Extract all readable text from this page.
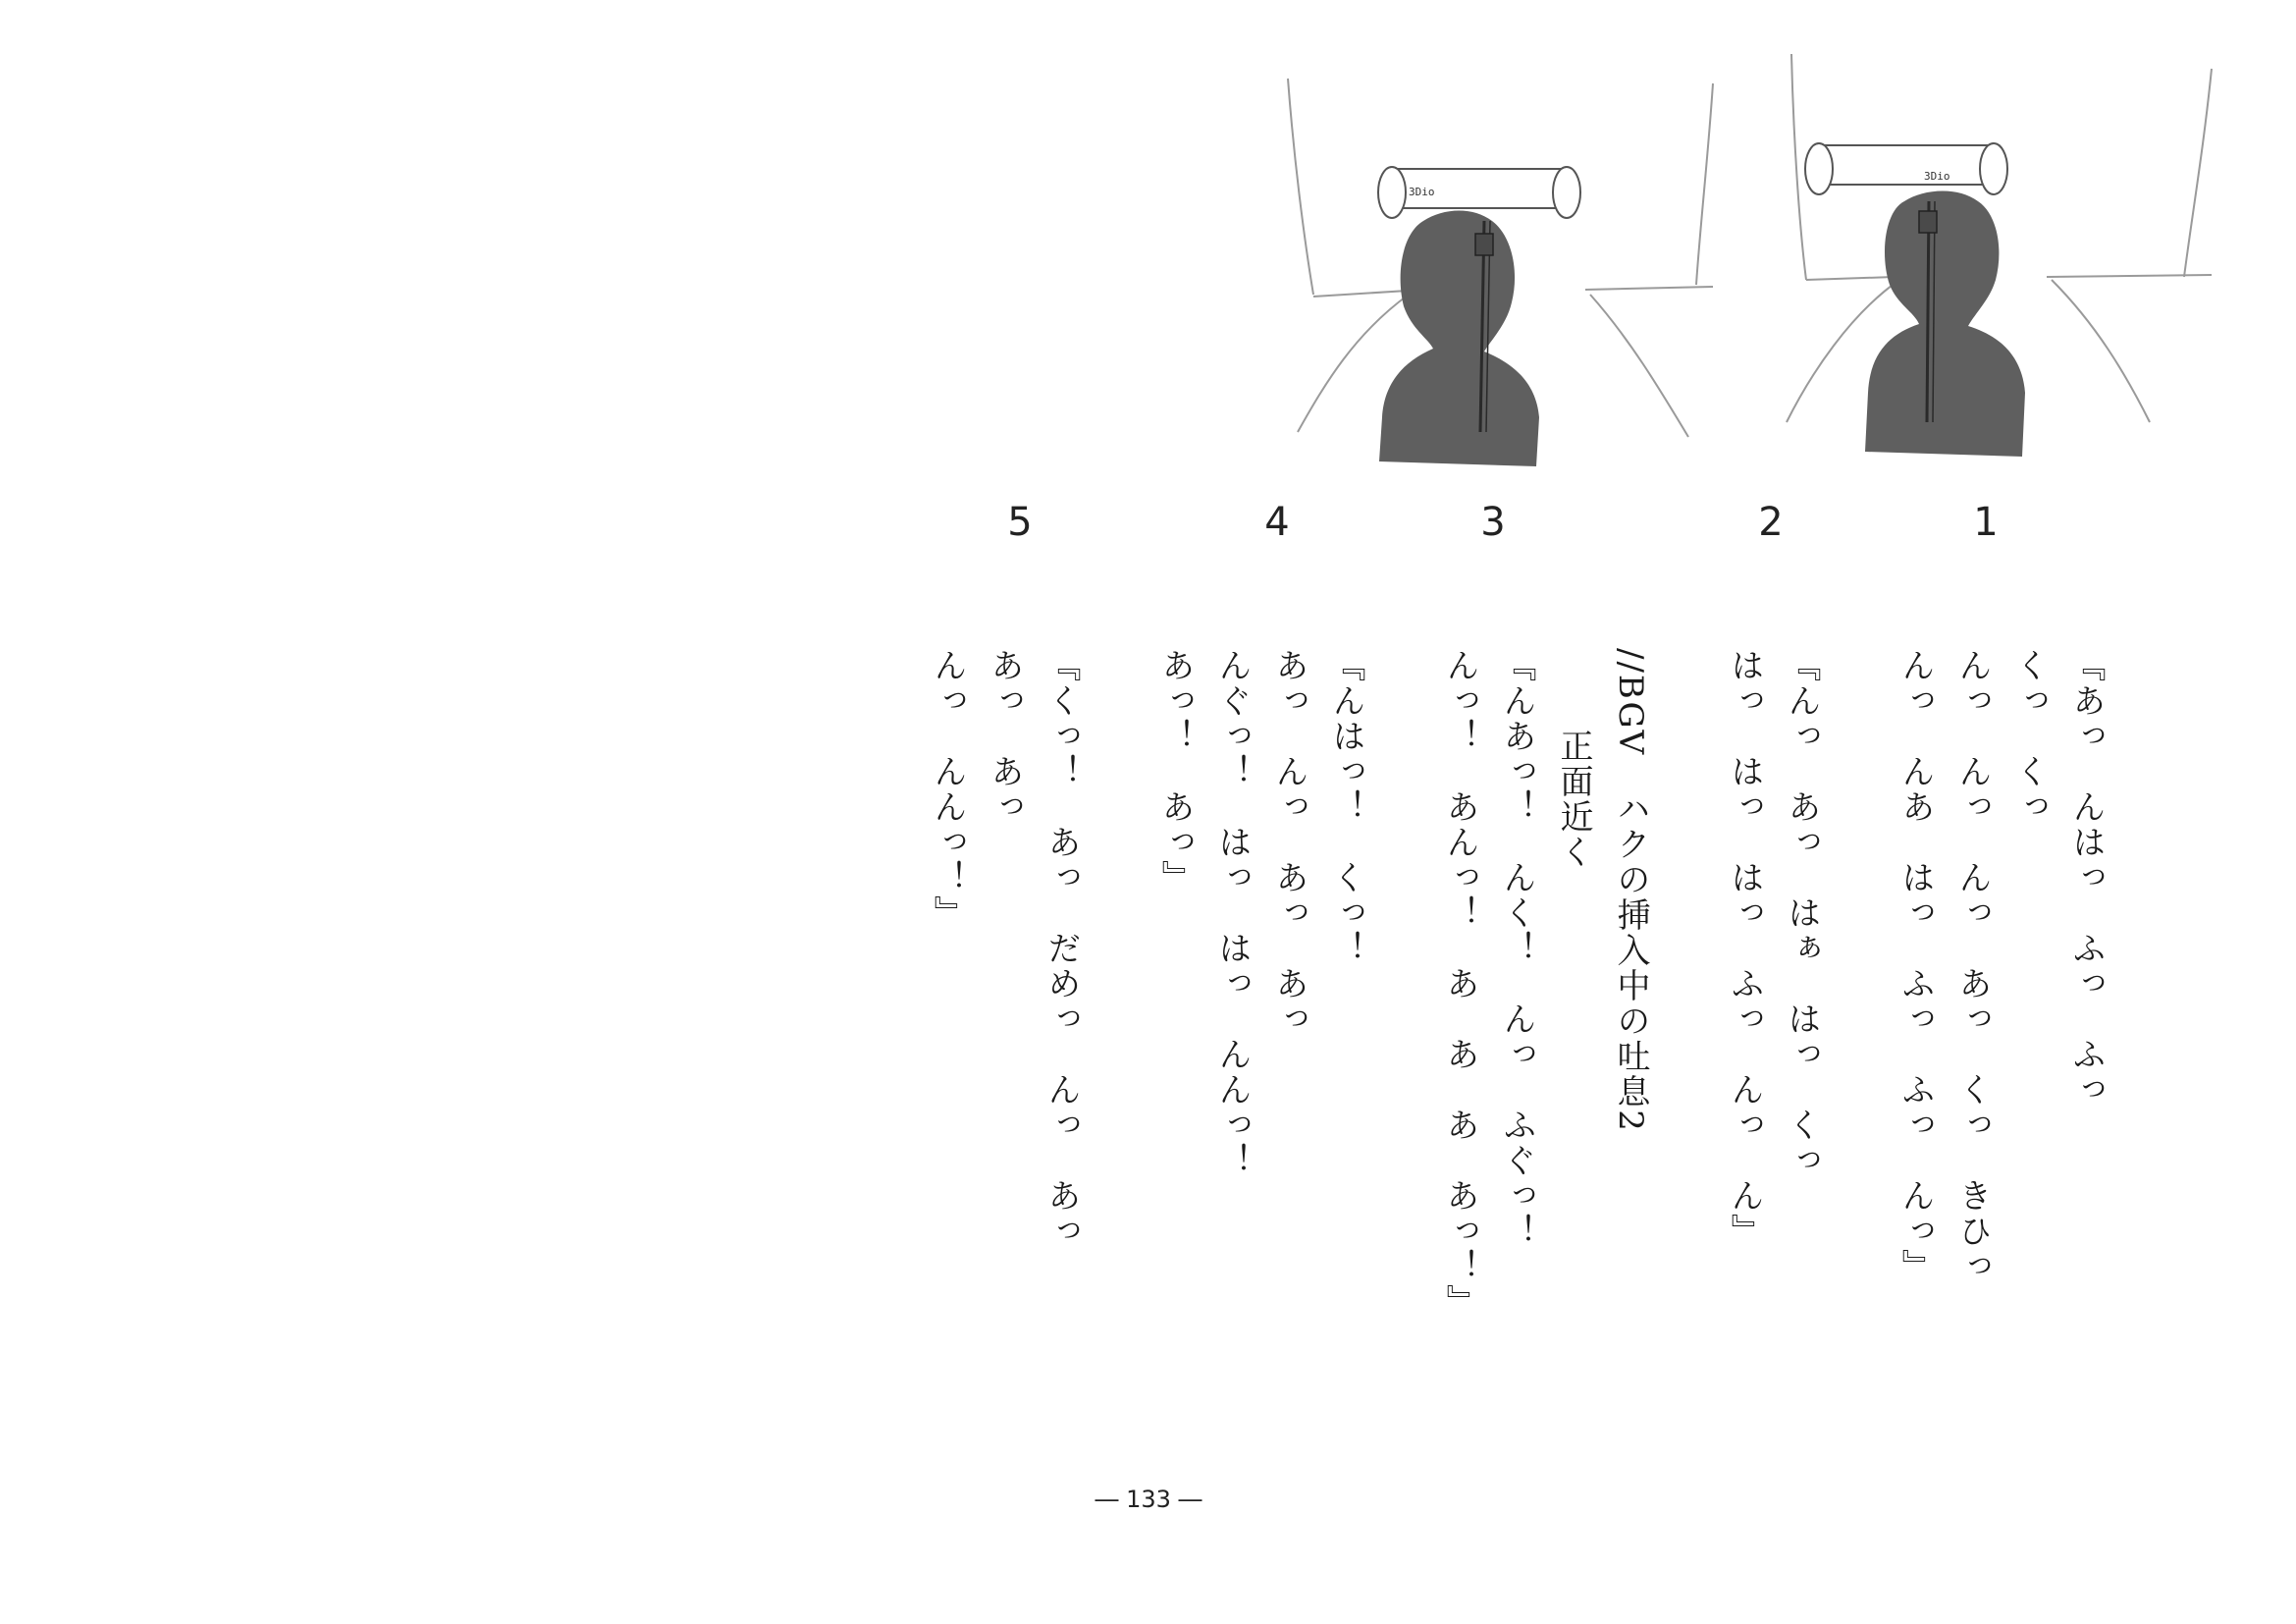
3Dio
3Dio
1
2
3
4
5
『あっ　んはっ　ふっ　ふっ
くっ　くっ
んっ　んっ　んっ　あっ　くっ　きひっ
んっ　んあ　はっ　ふっ　ふっ　んっ』
『んっ　あっ　はぁ　はっ　くっ
はっ　はっ　はっ　ふっ　んっ　ん』
//BGV　ハクの挿入中の吐息2
正面近く
『んあっ！　んく！　んっ　ふぐっ！
んっ！　あんっ！　あ　あ　あ　あっ！』
『んはっ！　くっ！
あっ　んっ　あっ　あっ
んぐっ！　はっ　はっ　んんっ！
あっ！　あっ』
『くっ！　あっ　だめっ　んっ　あっ
あっ　あっ
んっ　んんっ！』
― 133 ―
